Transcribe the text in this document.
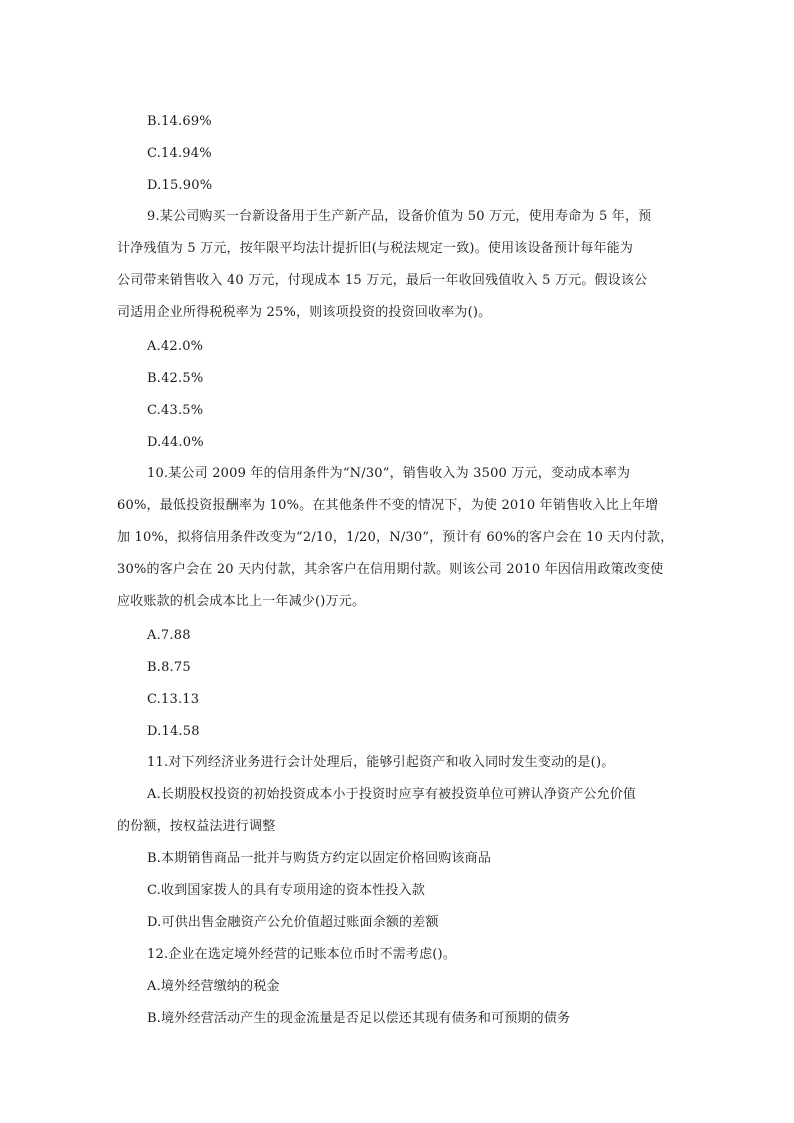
B.14.69%
C.14.94%
D.15.90%
9.某公司购买一台新设备用于生产新产品，设备价值为 50 万元，使用寿命为 5 年，预
计净残值为 5 万元，按年限平均法计提折旧(与税法规定一致)。使用该设备预计每年能为
公司带来销售收入 40 万元，付现成本 15 万元，最后一年收回残值收入 5 万元。假设该公
司适用企业所得税税率为 25%，则该项投资的投资回收率为()。
A.42.0%
B.42.5%
C.43.5%
D.44.0%
10.某公司 2009 年的信用条件为“N/30”，销售收入为 3500 万元，变动成本率为
60%，最低投资报酬率为 10%。在其他条件不变的情况下，为使 2010 年销售收入比上年增
加 10%，拟将信用条件改变为“2/10，1/20，N/30”，预计有 60%的客户会在 10 天内付款，
30%的客户会在 20 天内付款，其余客户在信用期付款。则该公司 2010 年因信用政策改变使
应收账款的机会成本比上一年减少()万元。
A.7.88
B.8.75
C.13.13
D.14.58
11.对下列经济业务进行会计处理后，能够引起资产和收入同时发生变动的是()。
A.长期股权投资的初始投资成本小于投资时应享有被投资单位可辨认净资产公允价值
的份额，按权益法进行调整
B.本期销售商品一批并与购货方约定以固定价格回购该商品
C.收到国家拨人的具有专项用途的资本性投入款
D.可供出售金融资产公允价值超过账面余额的差额
12.企业在选定境外经营的记账本位币时不需考虑()。
A.境外经营缴纳的税金
B.境外经营活动产生的现金流量是否足以偿还其现有债务和可预期的债务
